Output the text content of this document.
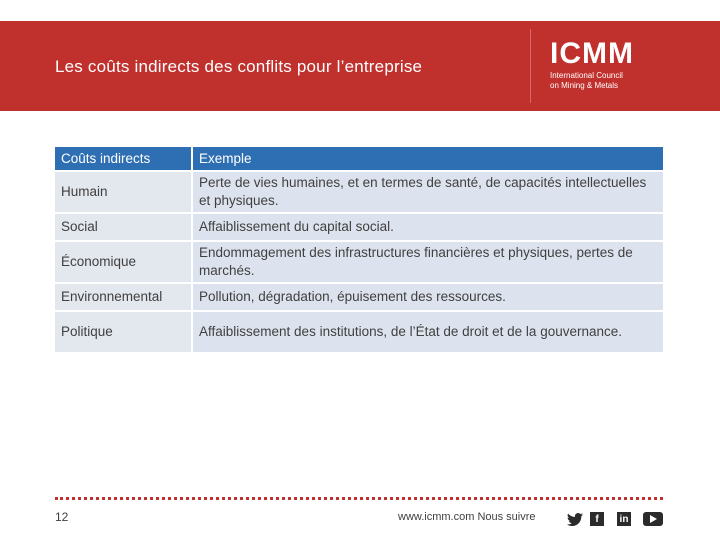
Les coûts indirects des conflits pour l’entreprise	ICMM
International Council
on Mining & Metals
Coûts indirects	Exemple
Humain	Perte de vies humaines, et en termes de santé, de capacités intellectuelles et physiques.
Social	Affaiblissement du capital social.
Économique	Endommagement des infrastructures financières et physiques, pertes de marchés.
Environnemental	Pollution, dégradation, épuisement des ressources.
Politique	Affaiblissement des institutions, de l’État de droit et de la gouvernance.
12	www.icmm.com Nous suivre	f	in
